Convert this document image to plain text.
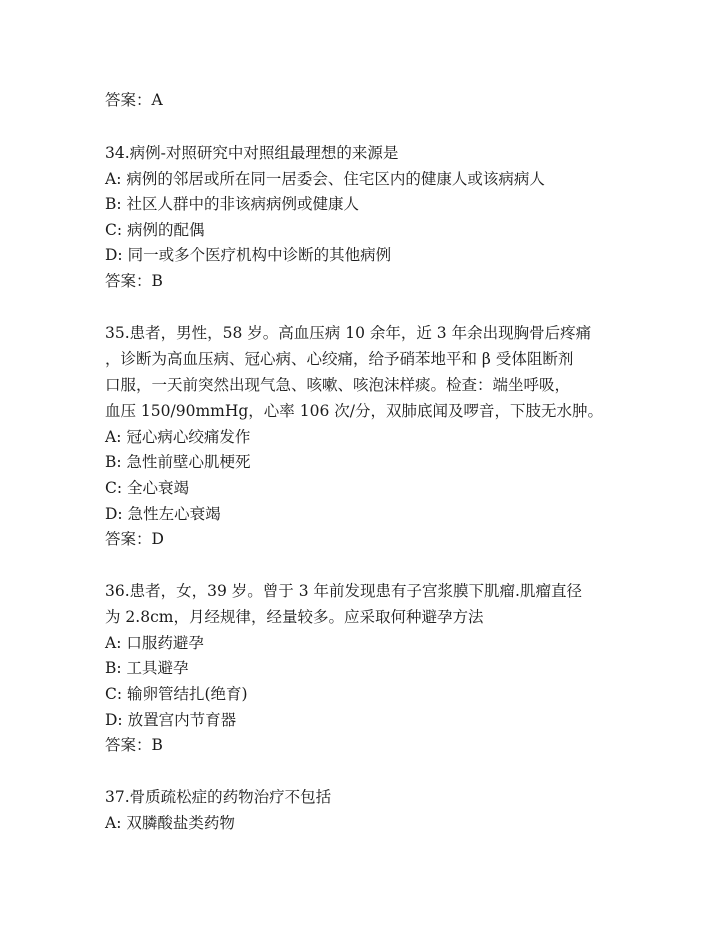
答案：A
34.病例-对照研究中对照组最理想的来源是
A: 病例的邻居或所在同一居委会、住宅区内的健康人或该病病人
B: 社区人群中的非该病病例或健康人
C: 病例的配偶
D: 同一或多个医疗机构中诊断的其他病例
答案：B
35.患者，男性，58 岁。高血压病 10 余年，近 3 年余出现胸骨后疼痛
，诊断为高血压病、冠心病、心绞痛，给予硝苯地平和 β 受体阻断剂
口服，一天前突然出现气急、咳嗽、咳泡沫样痰。检查：端坐呼吸，
血压 150/90mmHg，心率 106 次/分，双肺底闻及啰音，下肢无水肿。
A: 冠心病心绞痛发作
B: 急性前壁心肌梗死
C: 全心衰竭
D: 急性左心衰竭
答案：D
36.患者，女，39 岁。曾于 3 年前发现患有子宫浆膜下肌瘤.肌瘤直径
为 2.8cm，月经规律，经量较多。应采取何种避孕方法
A: 口服药避孕
B: 工具避孕
C: 输卵管结扎(绝育)
D: 放置宫内节育器
答案：B
37.骨质疏松症的药物治疗不包括
A: 双膦酸盐类药物
